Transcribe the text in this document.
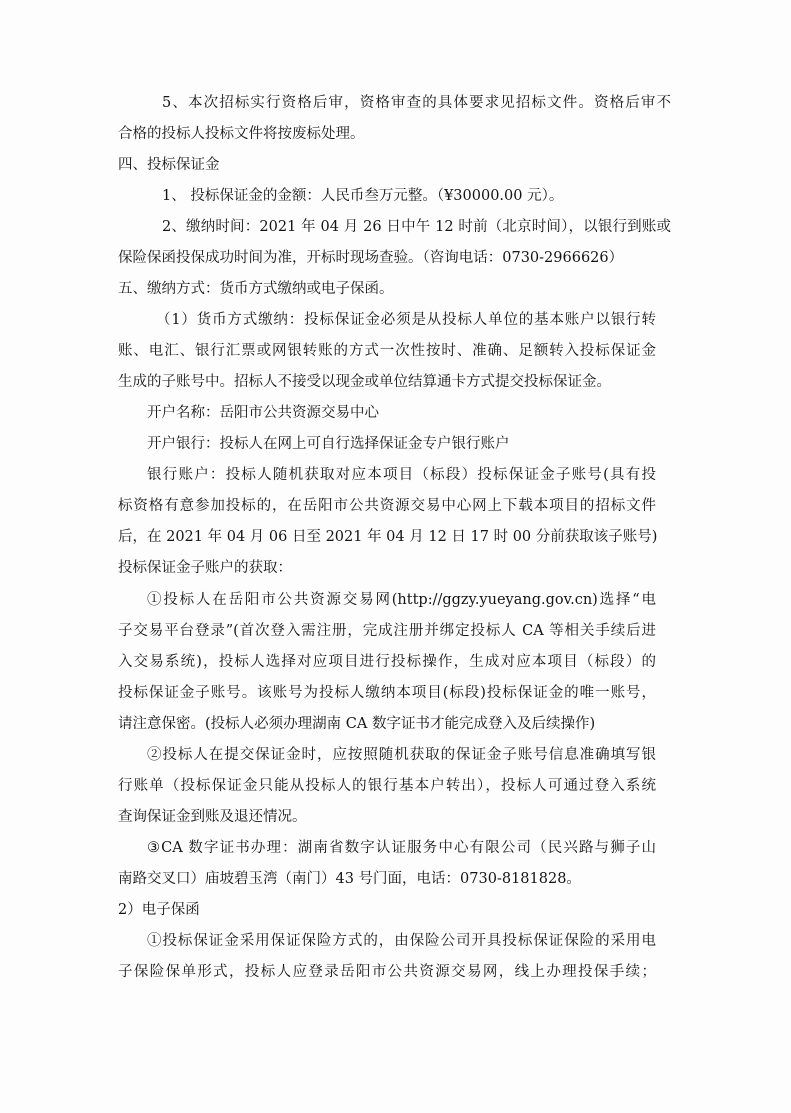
5、本次招标实行资格后审，资格审查的具体要求见招标文件。资格后审不
合格的投标人投标文件将按废标处理。
四、投标保证金
1、 投标保证金的金额：人民币叁万元整。（¥30000.00 元）。
2、缴纳时间：2021 年 04 月 26 日中午 12 时前（北京时间），以银行到账或
保险保函投保成功时间为准，开标时现场查验。（咨询电话：0730-2966626）
五、缴纳方式：货币方式缴纳或电子保函。
（1）货币方式缴纳：投标保证金必须是从投标人单位的基本账户以银行转
账、电汇、银行汇票或网银转账的方式一次性按时、准确、足额转入投标保证金
生成的子账号中。招标人不接受以现金或单位结算通卡方式提交投标保证金。
开户名称：岳阳市公共资源交易中心
开户银行：投标人在网上可自行选择保证金专户银行账户
银行账户：投标人随机获取对应本项目（标段）投标保证金子账号(具有投
标资格有意参加投标的，在岳阳市公共资源交易中心网上下载本项目的招标文件
后，在 2021 年 04 月 06 日至 2021 年 04 月 12 日 17 时 00 分前获取该子账号)
投标保证金子账户的获取：
①投标人在岳阳市公共资源交易网(http://ggzy.yueyang.gov.cn)选择“电
子交易平台登录”(首次登入需注册，完成注册并绑定投标人 CA 等相关手续后进
入交易系统)，投标人选择对应项目进行投标操作，生成对应本项目（标段）的
投标保证金子账号。该账号为投标人缴纳本项目(标段)投标保证金的唯一账号，
请注意保密。(投标人必须办理湖南 CA 数字证书才能完成登入及后续操作)
②投标人在提交保证金时，应按照随机获取的保证金子账号信息准确填写银
行账单（投标保证金只能从投标人的银行基本户转出），投标人可通过登入系统
查询保证金到账及退还情况。
③CA 数字证书办理：湖南省数字认证服务中心有限公司（民兴路与狮子山
南路交叉口）庙坡碧玉湾（南门）43 号门面，电话：0730-8181828。
2）电子保函
①投标保证金采用保证保险方式的，由保险公司开具投标保证保险的采用电
子保险保单形式，投标人应登录岳阳市公共资源交易网，线上办理投保手续；
